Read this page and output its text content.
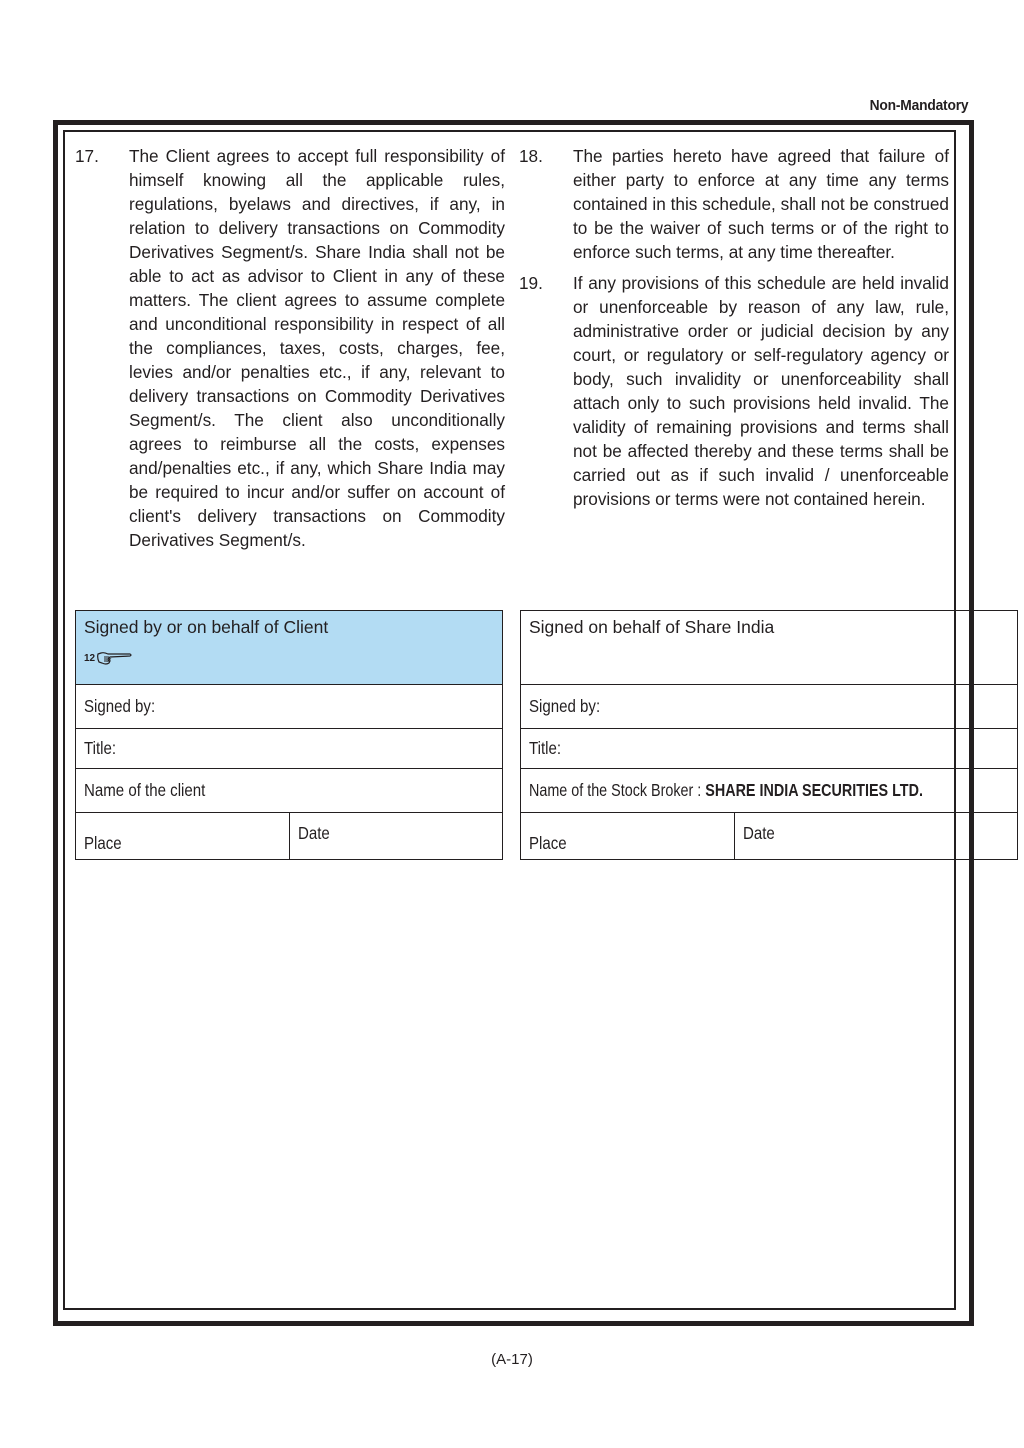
Non-Mandatory
17.	The Client agrees to accept full responsibility of himself knowing all the applicable rules, regulations, byelaws and directives, if any, in relation to delivery transactions on Commodity Derivatives Segment/s. Share India shall not be able to act as advisor to Client in any of these matters. The client agrees to assume complete and unconditional responsibility in respect of all the compliances, taxes, costs, charges, fee, levies and/or penalties etc., if any, relevant to delivery transactions on Commodity Derivatives Segment/s. The client also unconditionally agrees to reimburse all the costs, expenses and/penalties etc., if any, which Share India may be required to incur and/or suffer on account of client's delivery transactions on Commodity Derivatives Segment/s.
18.	The parties hereto have agreed that failure of either party to enforce at any time any terms contained in this schedule, shall not be construed to be the waiver of such terms or of the right to enforce such terms, at any time thereafter.
19.	If any provisions of this schedule are held invalid or unenforceable by reason of any law, rule, administrative order or judicial decision by any court, or regulatory or self-regulatory agency or body, such invalidity or unenforceability shall attach only to such provisions held invalid. The validity of remaining provisions and terms shall not be affected thereby and these terms shall be carried out as if such invalid / unenforceable provisions or terms were not contained herein.
Signed by or on behalf of Client
12

Signed by:
Title:
Name of the client
Place	Date
Signed on behalf of Share India

Signed by:
Title:
Name of the Stock Broker : SHARE INDIA SECURITIES LTD.
Place	Date
(A-17)
